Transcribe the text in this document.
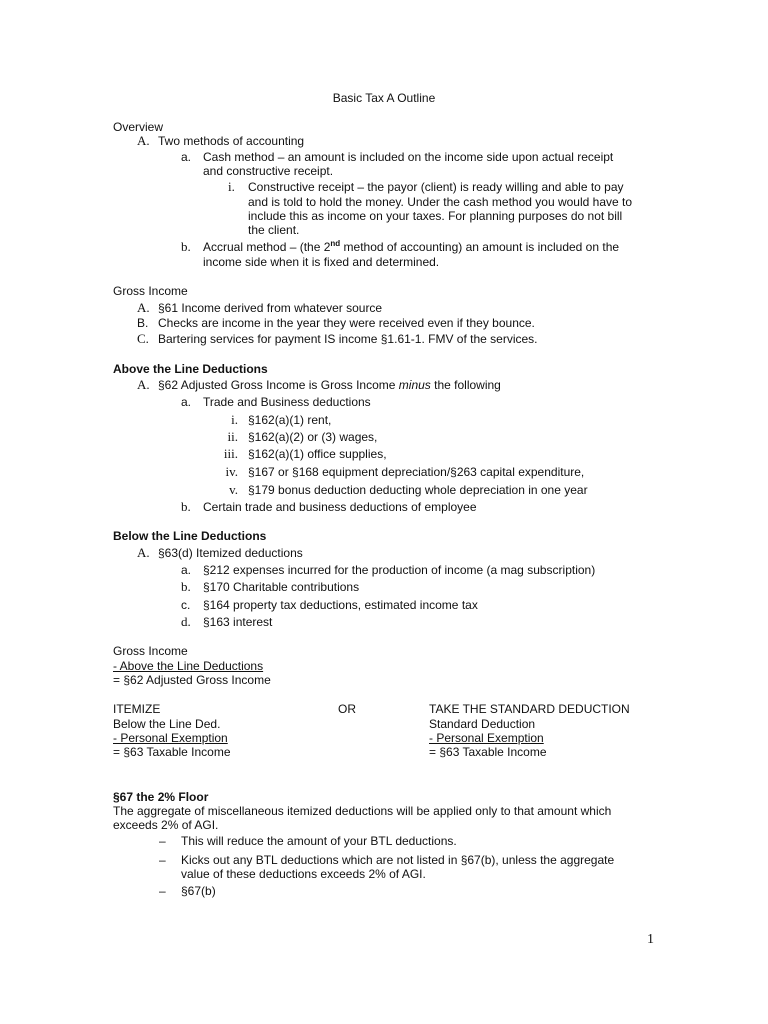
Basic Tax A Outline
Overview
A. Two methods of accounting
a. Cash method – an amount is included on the income side upon actual receipt
and constructive receipt.
i. Constructive receipt – the payor (client) is ready willing and able to pay
and is told to hold the money. Under the cash method you would have to
include this as income on your taxes. For planning purposes do not bill
the client.
b. Accrual method – (the 2nd method of accounting) an amount is included on the
income side when it is fixed and determined.
Gross Income
A. §61 Income derived from whatever source
B. Checks are income in the year they were received even if they bounce.
C. Bartering services for payment IS income §1.61-1. FMV of the services.
Above the Line Deductions
A. §62 Adjusted Gross Income is Gross Income minus the following
a. Trade and Business deductions
i. §162(a)(1) rent,
ii. §162(a)(2) or (3) wages,
iii. §162(a)(1) office supplies,
iv. §167 or §168 equipment depreciation/§263 capital expenditure,
v. §179 bonus deduction deducting whole depreciation in one year
b. Certain trade and business deductions of employee
Below the Line Deductions
A. §63(d) Itemized deductions
a. §212 expenses incurred for the production of income (a mag subscription)
b. §170 Charitable contributions
c. §164 property tax deductions, estimated income tax
d. §163 interest
Gross Income
- Above the Line Deductions
= §62 Adjusted Gross Income
ITEMIZE	OR	TAKE THE STANDARD DEDUCTION
Below the Line Ded.
- Personal Exemption
= §63 Taxable Income
Standard Deduction
- Personal Exemption
= §63 Taxable Income
§67 the 2% Floor
The aggregate of miscellaneous itemized deductions will be applied only to that amount which
exceeds 2% of AGI.
– This will reduce the amount of your BTL deductions.
– Kicks out any BTL deductions which are not listed in §67(b), unless the aggregate
value of these deductions exceeds 2% of AGI.
– §67(b)
1
